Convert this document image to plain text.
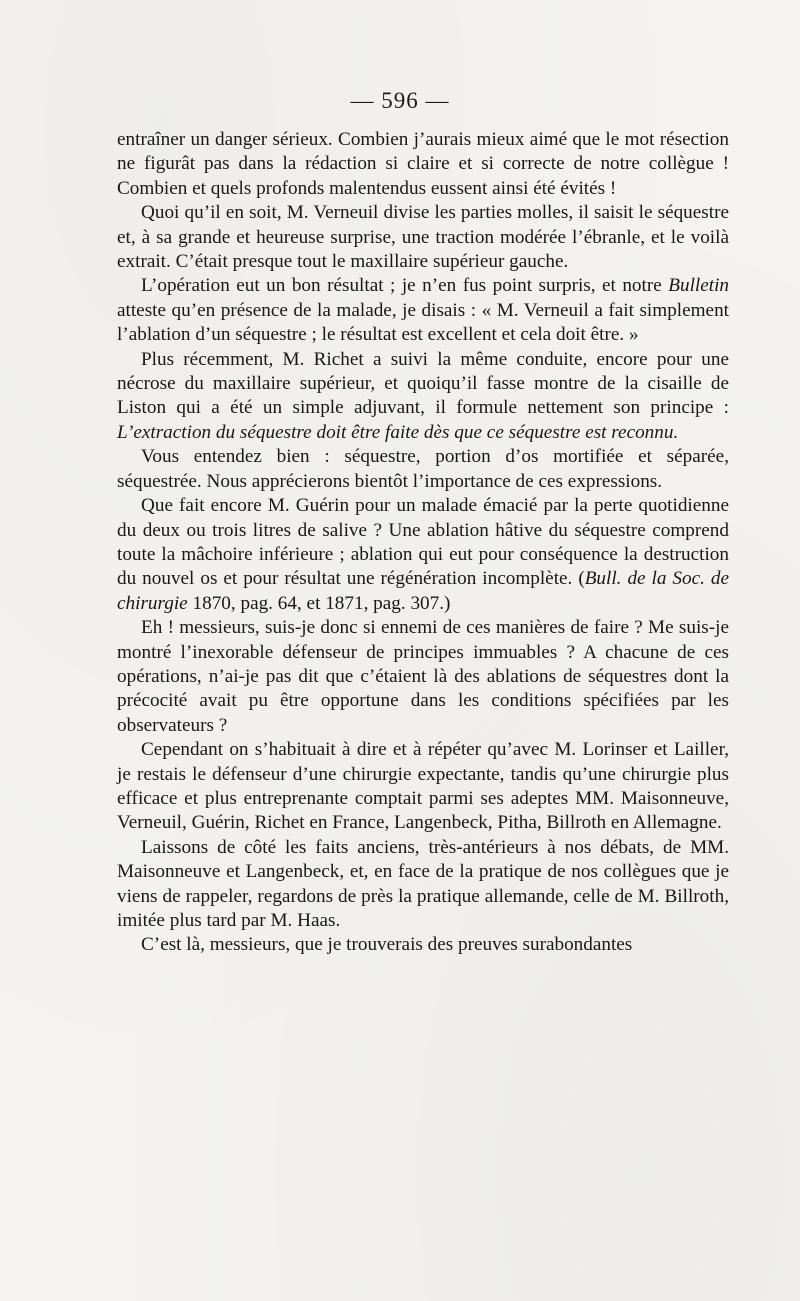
— 596 —

entraîner un danger sérieux. Combien j’aurais mieux aimé que le mot résection ne figurât pas dans la rédaction si claire et si correcte de notre collègue ! Combien et quels profonds malentendus eussent ainsi été évités !

Quoi qu’il en soit, M. Verneuil divise les parties molles, il saisit le séquestre et, à sa grande et heureuse surprise, une traction modérée l’ébranle, et le voilà extrait. C’était presque tout le maxillaire supérieur gauche.

L’opération eut un bon résultat ; je n’en fus point surpris, et notre Bulletin atteste qu’en présence de la malade, je disais : « M. Verneuil a fait simplement l’ablation d’un séquestre ; le résultat est excellent et cela doit être. »

Plus récemment, M. Richet a suivi la même conduite, encore pour une nécrose du maxillaire supérieur, et quoiqu’il fasse montre de la cisaille de Liston qui a été un simple adjuvant, il formule nettement son principe : L’extraction du séquestre doit être faite dès que ce séquestre est reconnu.

Vous entendez bien : séquestre, portion d’os mortifiée et séparée, séquestrée. Nous apprécierons bientôt l’importance de ces expressions.

Que fait encore M. Guérin pour un malade émacié par la perte quotidienne du deux ou trois litres de salive ? Une ablation hâtive du séquestre comprend toute la mâchoire inférieure ; ablation qui eut pour conséquence la destruction du nouvel os et pour résultat une régénération incomplète. (Bull. de la Soc. de chirurgie 1870, pag. 64, et 1871, pag. 307.)

Eh ! messieurs, suis-je donc si ennemi de ces manières de faire ? Me suis-je montré l’inexorable défenseur de principes immuables ? A chacune de ces opérations, n’ai-je pas dit que c’étaient là des ablations de séquestres dont la précocité avait pu être opportune dans les conditions spécifiées par les observateurs ?

Cependant on s’habituait à dire et à répéter qu’avec M. Lorinser et Lailler, je restais le défenseur d’une chirurgie expectante, tandis qu’une chirurgie plus efficace et plus entreprenante comptait parmi ses adeptes MM. Maisonneuve, Verneuil, Guérin, Richet en France, Langenbeck, Pitha, Billroth en Allemagne.

Laissons de côté les faits anciens, très-antérieurs à nos débats, de MM. Maisonneuve et Langenbeck, et, en face de la pratique de nos collègues que je viens de rappeler, regardons de près la pratique allemande, celle de M. Billroth, imitée plus tard par M. Haas.

C’est là, messieurs, que je trouverais des preuves surabondantes
